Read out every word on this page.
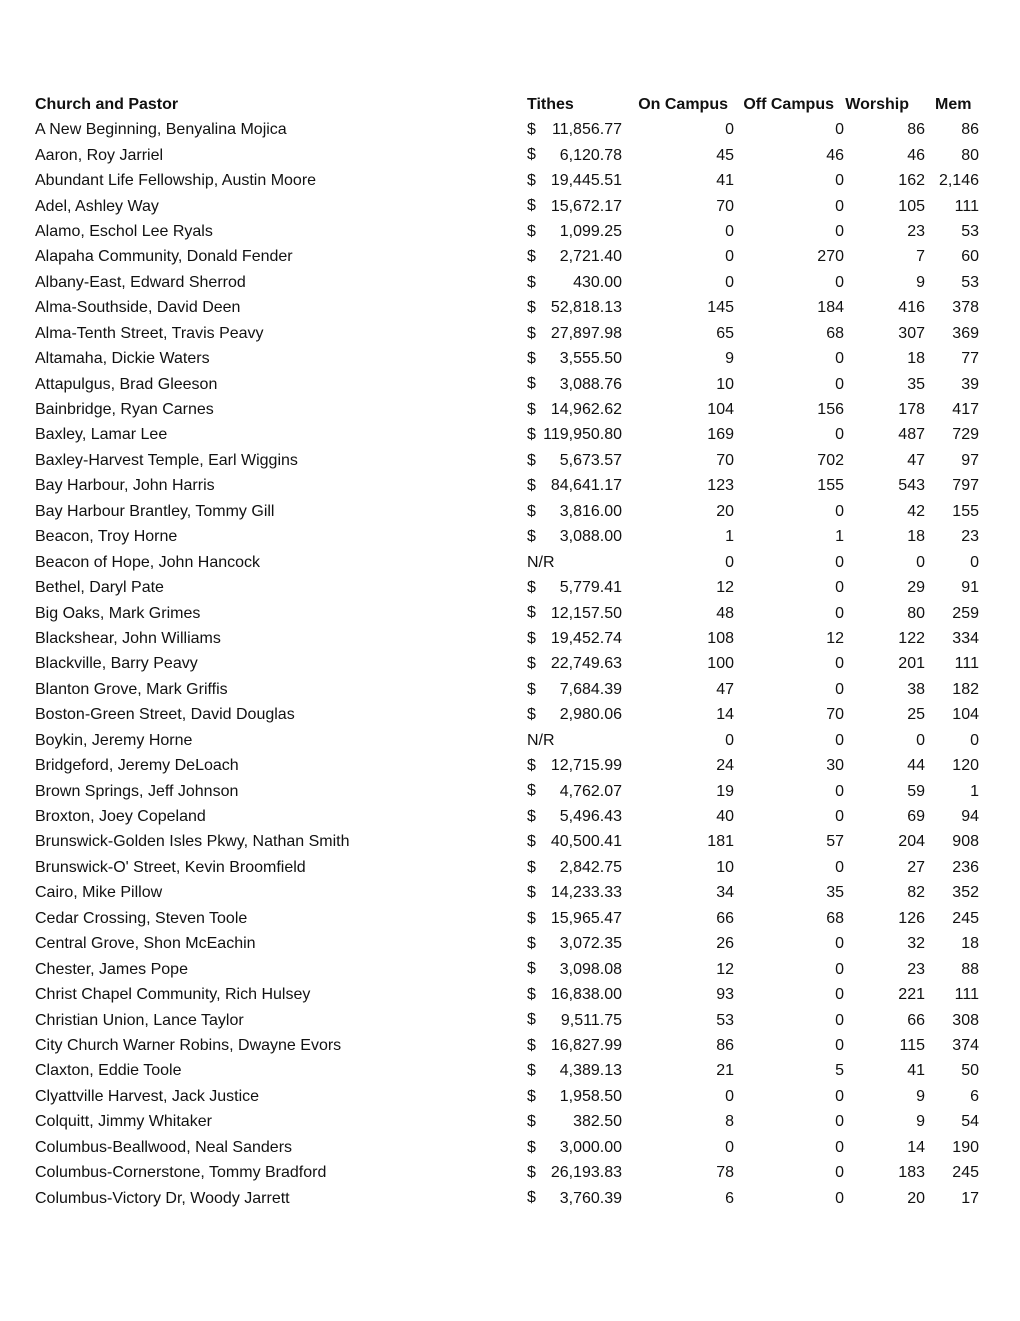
Church and Pastor	Tithes	On Campus	Off Campus	Worship	Mem
A New Beginning, Benyalina Mojica	$ 11,856.77	0	0	86	86
Aaron, Roy Jarriel	$ 6,120.78	45	46	46	80
Abundant Life Fellowship, Austin Moore	$ 19,445.51	41	0	162	2,146
Adel, Ashley Way	$ 15,672.17	70	0	105	111
Alamo, Eschol Lee Ryals	$ 1,099.25	0	0	23	53
Alapaha Community, Donald Fender	$ 2,721.40	0	270	7	60
Albany-East, Edward Sherrod	$ 430.00	0	0	9	53
Alma-Southside, David Deen	$ 52,818.13	145	184	416	378
Alma-Tenth Street, Travis Peavy	$ 27,897.98	65	68	307	369
Altamaha, Dickie Waters	$ 3,555.50	9	0	18	77
Attapulgus, Brad Gleeson	$ 3,088.76	10	0	35	39
Bainbridge, Ryan Carnes	$ 14,962.62	104	156	178	417
Baxley, Lamar Lee	$ 119,950.80	169	0	487	729
Baxley-Harvest Temple, Earl Wiggins	$ 5,673.57	70	702	47	97
Bay Harbour, John Harris	$ 84,641.17	123	155	543	797
Bay Harbour Brantley, Tommy Gill	$ 3,816.00	20	0	42	155
Beacon, Troy Horne	$ 3,088.00	1	1	18	23
Beacon of Hope, John Hancock	N/R	0	0	0	0
Bethel, Daryl Pate	$ 5,779.41	12	0	29	91
Big Oaks, Mark Grimes	$ 12,157.50	48	0	80	259
Blackshear, John Williams	$ 19,452.74	108	12	122	334
Blackville, Barry Peavy	$ 22,749.63	100	0	201	111
Blanton Grove, Mark Griffis	$ 7,684.39	47	0	38	182
Boston-Green Street, David Douglas	$ 2,980.06	14	70	25	104
Boykin, Jeremy Horne	N/R	0	0	0	0
Bridgeford, Jeremy DeLoach	$ 12,715.99	24	30	44	120
Brown Springs, Jeff Johnson	$ 4,762.07	19	0	59	1
Broxton, Joey Copeland	$ 5,496.43	40	0	69	94
Brunswick-Golden Isles Pkwy, Nathan Smith	$ 40,500.41	181	57	204	908
Brunswick-O' Street, Kevin Broomfield	$ 2,842.75	10	0	27	236
Cairo, Mike Pillow	$ 14,233.33	34	35	82	352
Cedar Crossing, Steven Toole	$ 15,965.47	66	68	126	245
Central Grove, Shon McEachin	$ 3,072.35	26	0	32	18
Chester, James Pope	$ 3,098.08	12	0	23	88
Christ Chapel Community, Rich Hulsey	$ 16,838.00	93	0	221	111
Christian Union, Lance Taylor	$ 9,511.75	53	0	66	308
City Church Warner Robins, Dwayne Evors	$ 16,827.99	86	0	115	374
Claxton, Eddie Toole	$ 4,389.13	21	5	41	50
Clyattville Harvest, Jack Justice	$ 1,958.50	0	0	9	6
Colquitt, Jimmy Whitaker	$ 382.50	8	0	9	54
Columbus-Beallwood, Neal Sanders	$ 3,000.00	0	0	14	190
Columbus-Cornerstone, Tommy Bradford	$ 26,193.83	78	0	183	245
Columbus-Victory Dr, Woody Jarrett	$ 3,760.39	6	0	20	17
